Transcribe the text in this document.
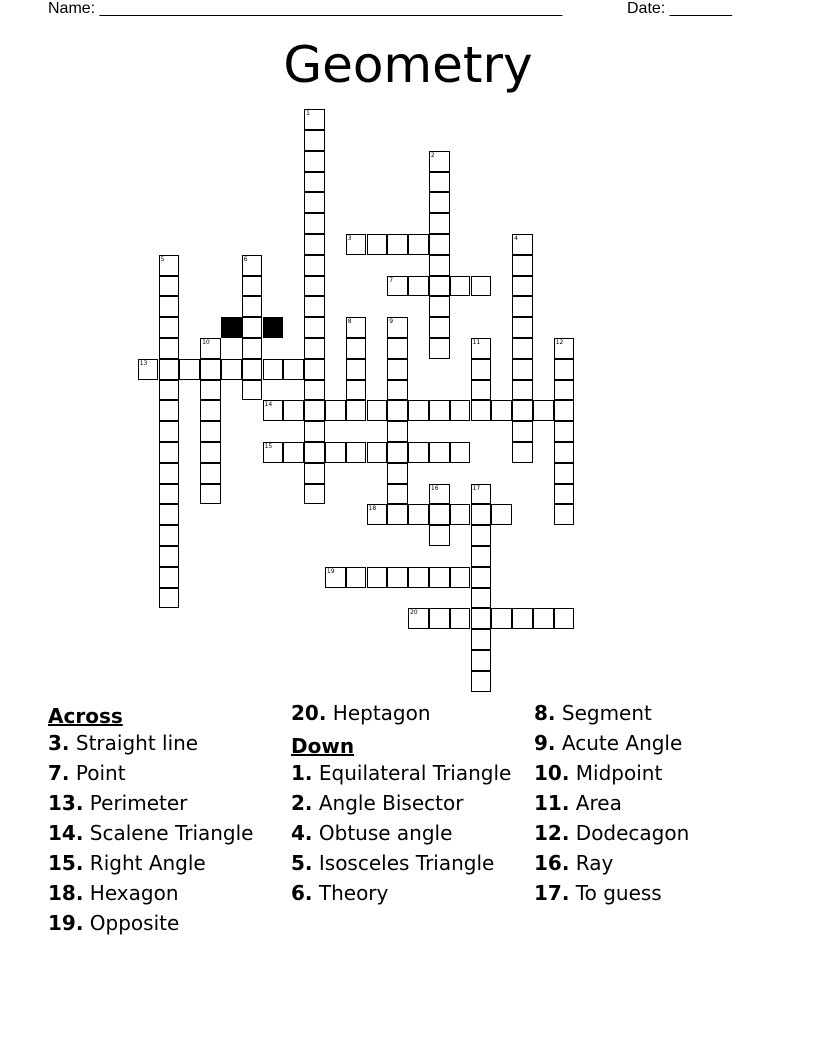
Name: ____________________________________________________	Date: _______
Geometry
1
2
3	4
5	6
7
8	9
10	11	12
13
14
15
16	17
18
19
20
Across
3. Straight line
7. Point
13. Perimeter
14. Scalene Triangle
15. Right Angle
18. Hexagon
19. Opposite
20. Heptagon
Down
1. Equilateral Triangle
2. Angle Bisector
4. Obtuse angle
5. Isosceles Triangle
6. Theory
8. Segment
9. Acute Angle
10. Midpoint
11. Area
12. Dodecagon
16. Ray
17. To guess
